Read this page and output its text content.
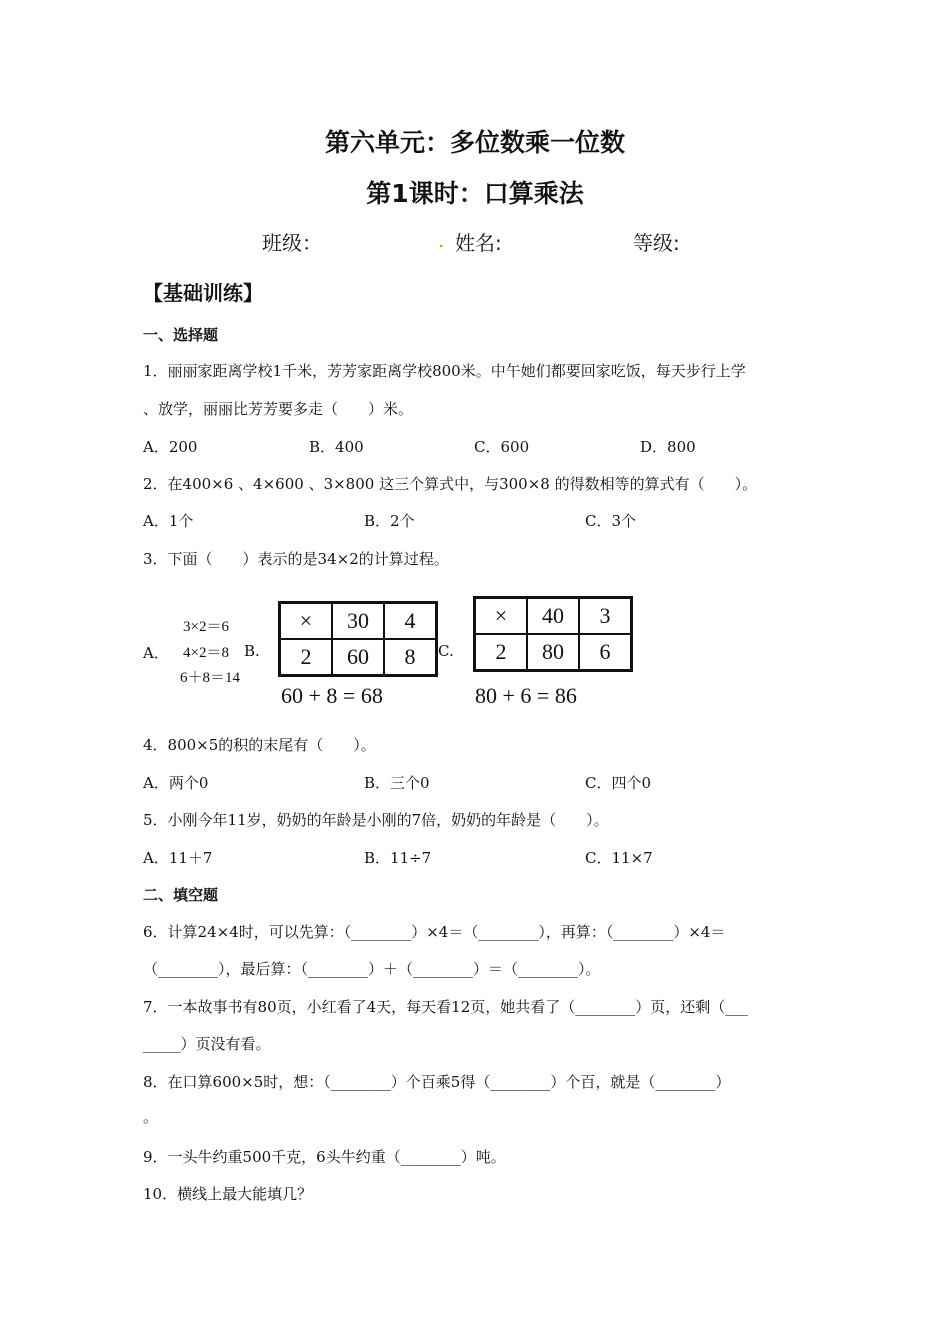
第六单元：多位数乘一位数
第1课时：口算乘法
班级：	. 姓名:	等级:
【基础训练】
一、选择题
1．丽丽家距离学校1千米，芳芳家距离学校800米。中午她们都要回家吃饭，每天步行上学
、放学，丽丽比芳芳要多走（　　）米。
A．200	B．400	C．600	D．800
2．在400×6 、4×600 、3×800 这三个算式中，与300×8 的得数相等的算式有（　　）。
A．1个	B．2个	C．3个
3．下面（　　）表示的是34×2的计算过程。
A．
3×2＝6
4×2＝8
6＋8＝14
B.
×	30	4
2	60	8
60 + 8 = 68
C.
×	40	3
2	80	6
80 + 6 = 86
4．800×5的积的末尾有（　　）。
A．两个0	B．三个0	C．四个0
5．小刚今年11岁，奶奶的年龄是小刚的7倍，奶奶的年龄是（　　）。
A．11＋7	B．11÷7	C．11×7
二、填空题
6．计算24×4时，可以先算：（________）×4＝（________），再算：（________）×4＝
（________），最后算：（________）＋（________）＝（________）。
7．一本故事书有80页，小红看了4天，每天看12页，她共看了（________）页，还剩（___
_____）页没有看。
8．在口算600×5时，想：（________）个百乘5得（________）个百，就是（________）
。
9．一头牛约重500千克，6头牛约重（________）吨。
10．横线上最大能填几？
